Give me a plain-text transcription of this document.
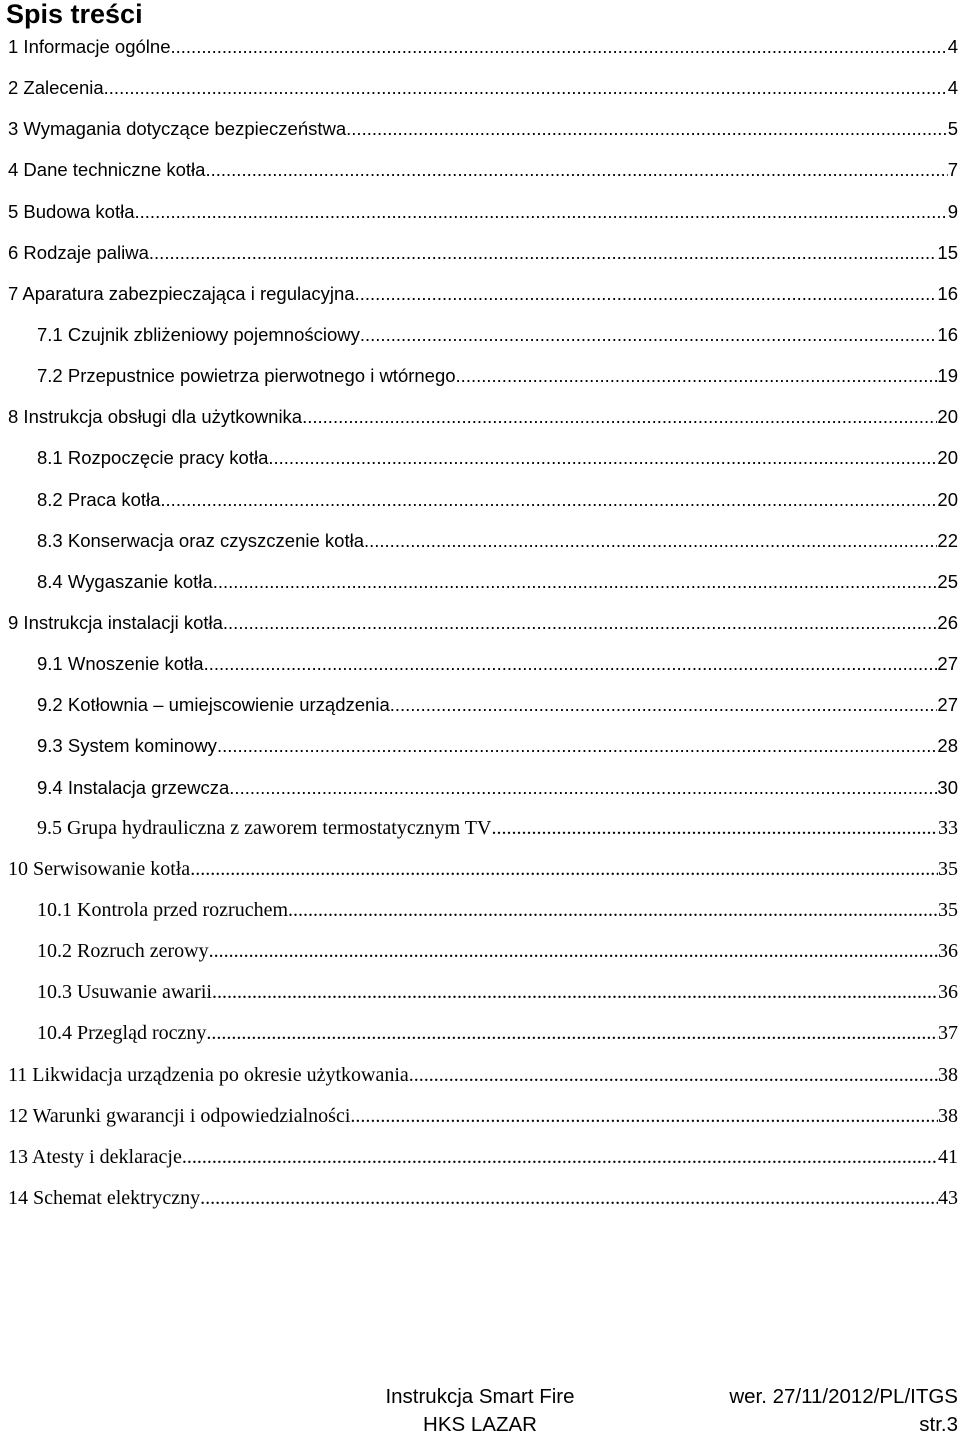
Spis treści
1 Informacje ogólne .....	4
2 Zalecenia .....	4
3 Wymagania dotyczące bezpieczeństwa .....	5
4 Dane techniczne kotła .....	7
5 Budowa kotła .....	9
6 Rodzaje paliwa .....	15
7 Aparatura zabezpieczająca i regulacyjna .....	16
7.1 Czujnik zbliżeniowy pojemnościowy .....	16
7.2 Przepustnice powietrza pierwotnego i wtórnego .....	19
8 Instrukcja obsługi dla użytkownika .....	20
8.1 Rozpoczęcie pracy kotła .....	20
8.2 Praca kotła .....	20
8.3 Konserwacja oraz czyszczenie kotła .....	22
8.4 Wygaszanie kotła .....	25
9 Instrukcja instalacji kotła .....	26
9.1 Wnoszenie kotła .....	27
9.2 Kotłownia – umiejscowienie urządzenia .....	27
9.3 System kominowy .....	28
9.4 Instalacja grzewcza .....	30
9.5 Grupa hydrauliczna z zaworem termostatycznym TV .....	33
10 Serwisowanie kotła .....	35
10.1 Kontrola przed rozruchem .....	35
10.2 Rozruch zerowy .....	36
10.3 Usuwanie awarii .....	36
10.4 Przegląd roczny .....	37
11 Likwidacja urządzenia po okresie użytkowania .....	38
12 Warunki gwarancji i odpowiedzialności .....	38
13 Atesty i deklaracje .....	41
14 Schemat elektryczny .....	43
Instrukcja Smart Fire
HKS LAZAR
wer. 27/11/2012/PL/ITGS
str.3
